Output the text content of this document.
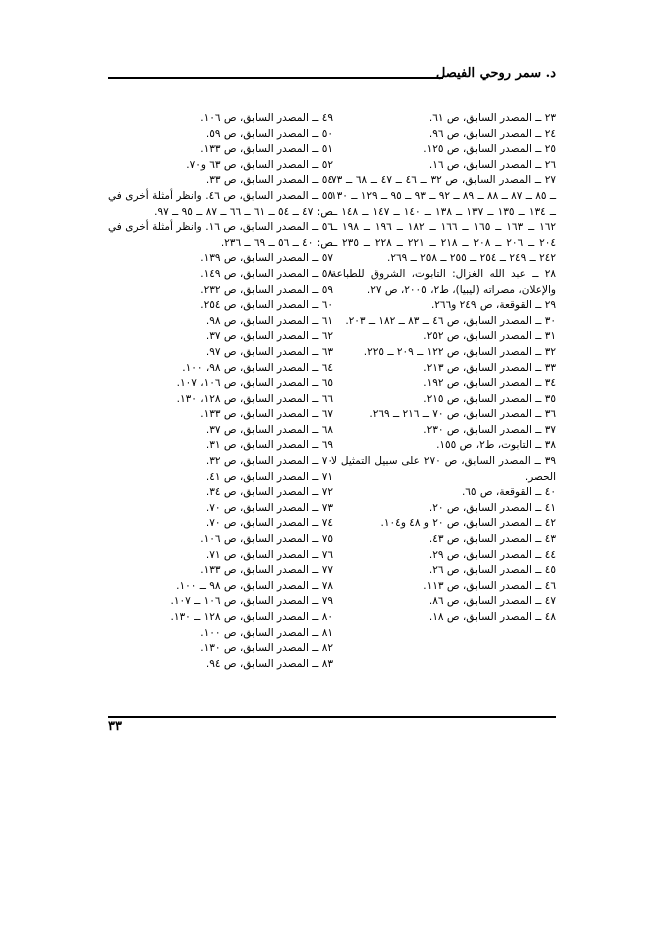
د. سمر روحي الفيصل
٢٣ ــ المصدر السابق، ص ٦١.
٢٤ ــ المصدر السابق، ص ٩٦.
٢٥ ــ المصدر السابق، ص ١٢٥.
٢٦ ــ المصدر السابق، ص ١٦.
٢٧ ــ المصدر السابق، ص ٣٢ ــ ٤٦ ــ ٤٧ ــ ٦٨ ــ ٧٣ ــ ٨٥ ــ ٨٧ ــ ٨٨ ــ ٨٩ ــ ٩٢ ــ ٩٣ ــ ٩٥ ــ ١٢٩ ــ ١٣٠ ــ ١٣٤ ــ ١٣٥ ــ ١٣٧ ــ ١٣٨ ــ ١٤٠ ــ ١٤٧ ــ ١٤٨ ــ ١٦٢ ــ ١٦٣ ــ ١٦٥ ــ ١٦٦ ــ ١٨٢ ــ ١٩٦ ــ ١٩٨ ــ ٢٠٤ ــ ٢٠٦ ــ ٢٠٨ ــ ٢١٨ ــ ٢٢١ ــ ٢٢٨ ــ ٢٣٥ ــ ٢٤٢ ــ ٢٤٩ ــ ٢٥٤ ــ ٢٥٥ ــ ٢٥٨ ــ ٢٦٩.
٢٨ ــ عبد الله الغزال: التابوت، الشروق للطباعة والإعلان، مصراته (ليبيا)، ط٢، ٢٠٠٥، ص ٢٧.
٢٩ ــ القوقعة، ص ٢٤٩ و٢٦٦.
٣٠ ــ المصدر السابق، ص ٤٦ ــ ٨٣ ــ ١٨٢ ــ ٢٠٣.
٣١ ــ المصدر السابق، ص ٢٥٢.
٣٢ ــ المصدر السابق، ص ١٢٢ ــ ٢٠٩ ــ ٢٢٥.
٣٣ ــ المصدر السابق، ص ٢١٣.
٣٤ ــ المصدر السابق، ص ١٩٢.
٣٥ ــ المصدر السابق، ص ٢١٥.
٣٦ ــ المصدر السابق، ص ٧٠ ــ ٢١٦ ــ ٢٦٩.
٣٧ ــ المصدر السابق، ص ٢٣٠.
٣٨ ــ التابوت، ط٢، ص ١٥٥.
٣٩ ــ المصدر السابق، ص ٢٧٠ على سبيل التمثيل لا الحصر.
٤٠ ــ القوقعة، ص ٦٥.
٤١ ــ المصدر السابق، ص ٢٠.
٤٢ ــ المصدر السابق، ص ٢٠ و ٤٨ و١٠٤.
٤٣ ــ المصدر السابق، ص ٤٣.
٤٤ ــ المصدر السابق، ص ٢٩.
٤٥ ــ المصدر السابق، ص ٢٦.
٤٦ ــ المصدر السابق، ص ١١٣.
٤٧ ــ المصدر السابق، ص ٨٦.
٤٨ ــ المصدر السابق، ص ١٨.
٤٩ ــ المصدر السابق، ص ١٠٦.
٥٠ ــ المصدر السابق، ص ٥٩.
٥١ ــ المصدر السابق، ص ١٣٣.
٥٢ ــ المصدر السابق، ص ٦٣ و٧٠.
٥٤ ــ المصدر السابق، ص ٣٣.
٥٥ ــ المصدر السابق، ص ٤٦. وانظر أمثلة أخرى في ص: ٤٧ ــ ٥٤ ــ ٦١ ــ ٦٦ ــ ٨٧ ــ ٩٥ ــ ٩٧.
٥٦ ــ المصدر السابق، ص ١٦. وانظر أمثلة أخرى في ص: ٤٠ ــ ٥٦ ــ ٦٩ ــ ٢٣٦.
٥٧ ــ المصدر السابق، ص ١٣٩.
٥٨ ــ المصدر السابق، ص ١٤٩.
٥٩ ــ المصدر السابق، ص ٢٣٢.
٦٠ ــ المصدر السابق، ص ٢٥٤.
٦١ ــ المصدر السابق، ص ٩٨.
٦٢ ــ المصدر السابق، ص ٣٧.
٦٣ ــ المصدر السابق، ص ٩٧.
٦٤ ــ المصدر السابق، ص ٩٨، ١٠٠.
٦٥ ــ المصدر السابق، ص ١٠٦، ١٠٧.
٦٦ ــ المصدر السابق، ص ١٢٨، ١٣٠.
٦٧ ــ المصدر السابق، ص ١٣٣.
٦٨ ــ المصدر السابق، ص ٣٧.
٦٩ ــ المصدر السابق، ص ٣١.
٧٠ ــ المصدر السابق، ص ٣٢.
٧١ ــ المصدر السابق، ص ٤١.
٧٢ ــ المصدر السابق، ص ٣٤.
٧٣ ــ المصدر السابق، ص ٧٠.
٧٤ ــ المصدر السابق، ص ٧٠.
٧٥ ــ المصدر السابق، ص ١٠٦.
٧٦ ــ المصدر السابق، ص ٧١.
٧٧ ــ المصدر السابق، ص ١٣٣.
٧٨ ــ المصدر السابق، ص ٩٨ ــ ١٠٠.
٧٩ ــ المصدر السابق، ص ١٠٦ ــ ١٠٧.
٨٠ ــ المصدر السابق، ص ١٢٨ ــ ١٣٠.
٨١ ــ المصدر السابق، ص ١٠٠.
٨٢ ــ المصدر السابق، ص ١٣٠.
٨٣ ــ المصدر السابق، ص ٩٤.
٣٣
